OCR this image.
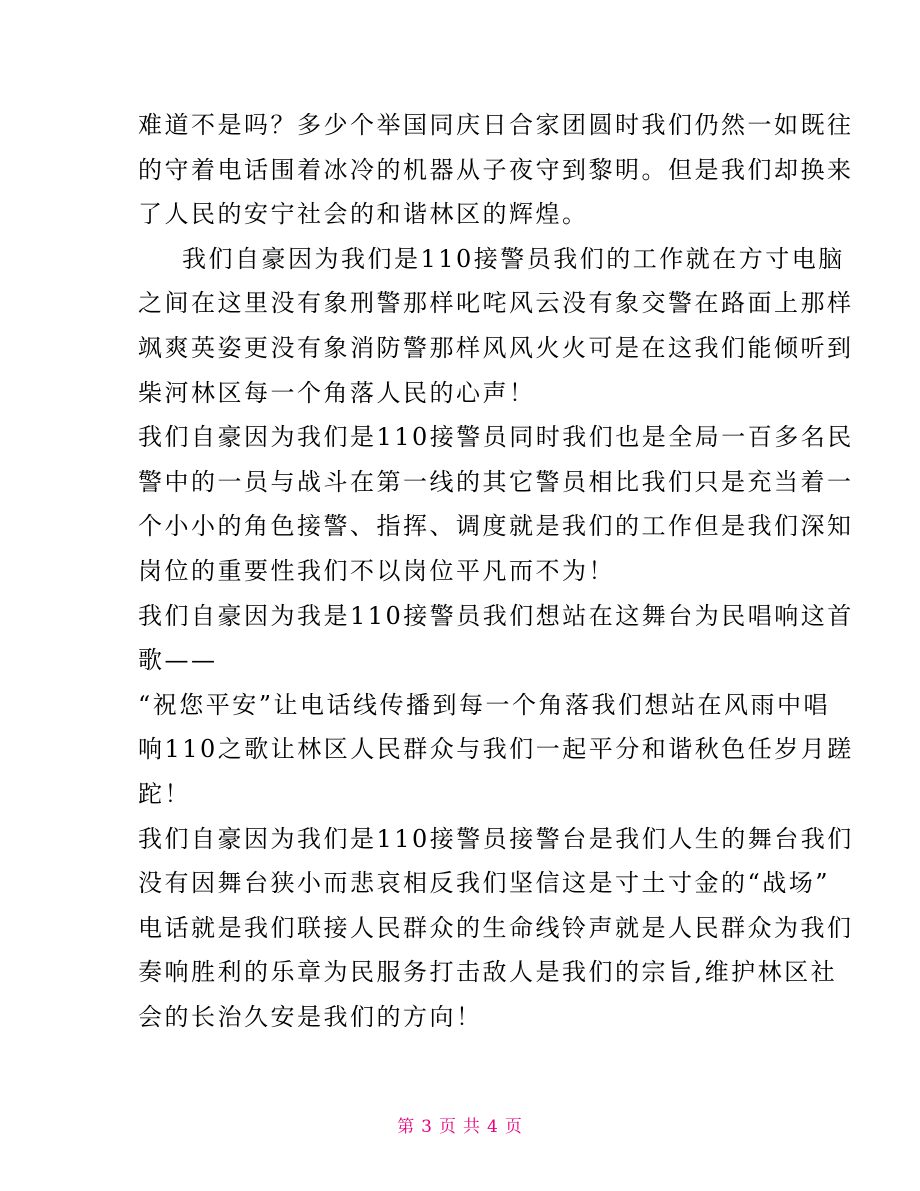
难道不是吗？多少个举国同庆日合家团圆时我们仍然一如既往
的守着电话围着冰冷的机器从子夜守到黎明。但是我们却换来
了人民的安宁社会的和谐林区的辉煌。
我们自豪因为我们是110接警员我们的工作就在方寸电脑
之间在这里没有象刑警那样叱咤风云没有象交警在路面上那样
飒爽英姿更没有象消防警那样风风火火可是在这我们能倾听到
柴河林区每一个角落人民的心声！
我们自豪因为我们是110接警员同时我们也是全局一百多名民
警中的一员与战斗在第一线的其它警员相比我们只是充当着一
个小小的角色接警、指挥、调度就是我们的工作但是我们深知
岗位的重要性我们不以岗位平凡而不为！
我们自豪因为我是110接警员我们想站在这舞台为民唱响这首
歌——
“祝您平安”让电话线传播到每一个角落我们想站在风雨中唱
响110之歌让林区人民群众与我们一起平分和谐秋色任岁月蹉
跎！
我们自豪因为我们是110接警员接警台是我们人生的舞台我们
没有因舞台狭小而悲哀相反我们坚信这是寸土寸金的“战场”
电话就是我们联接人民群众的生命线铃声就是人民群众为我们
奏响胜利的乐章为民服务打击敌人是我们的宗旨,维护林区社
会的长治久安是我们的方向！
第 3 页 共 4 页
